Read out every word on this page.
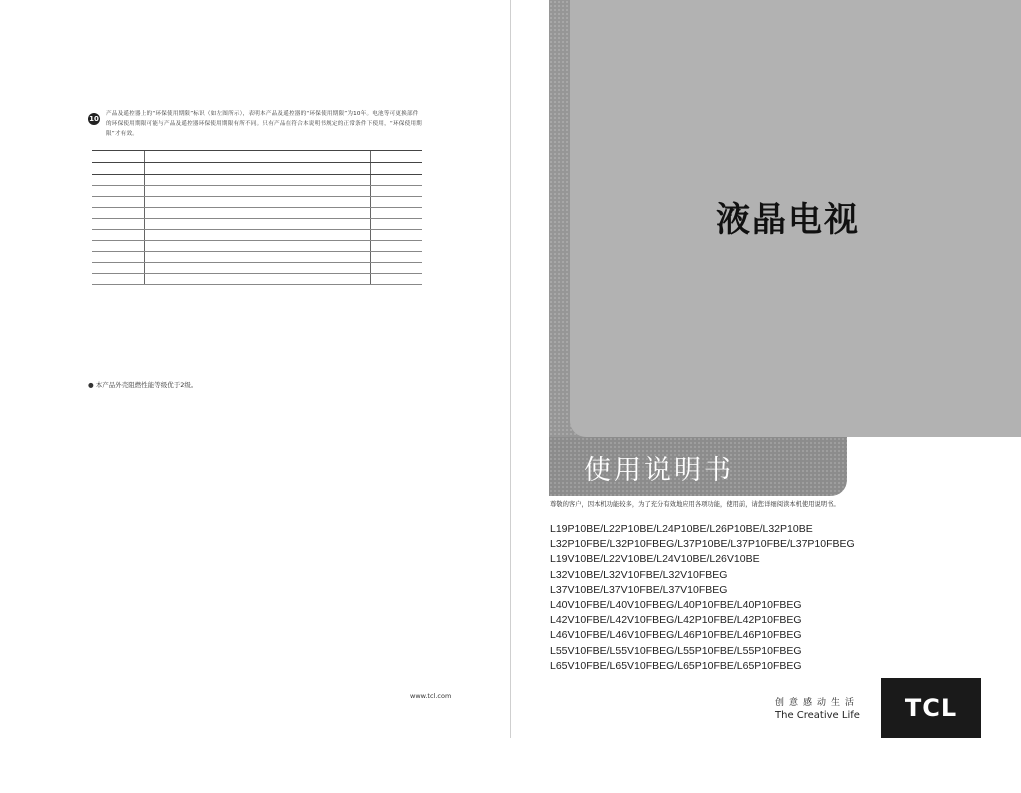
10
产品及遥控器上的“环保使用期限”标识（如左图所示），表明本产品及遥控器的“环保使用期限”为10年。电池等可更换部件的环保使用期限可能与产品及遥控器环保使用期限有所不同。只有产品在符合本说明书规定的正常条件下使用，“环保使用期限”才有效。

● 本产品外壳阻燃性能等级优于2级。
www.tcl.com
液晶电视
使用说明书
尊敬的客户，因本机功能较多，为了充分有效地应用各项功能，使用前，请您详细阅读本机使用说明书。
L19P10BE/L22P10BE/L24P10BE/L26P10BE/L32P10BE
L32P10FBE/L32P10FBEG/L37P10BE/L37P10FBE/L37P10FBEG
L19V10BE/L22V10BE/L24V10BE/L26V10BE
L32V10BE/L32V10FBE/L32V10FBEG
L37V10BE/L37V10FBE/L37V10FBEG
L40V10FBE/L40V10FBEG/L40P10FBE/L40P10FBEG
L42V10FBE/L42V10FBEG/L42P10FBE/L42P10FBEG
L46V10FBE/L46V10FBEG/L46P10FBE/L46P10FBEG
L55V10FBE/L55V10FBEG/L55P10FBE/L55P10FBEG
L65V10FBE/L65V10FBEG/L65P10FBE/L65P10FBEG
创意感动生活
The Creative Life	TCL
